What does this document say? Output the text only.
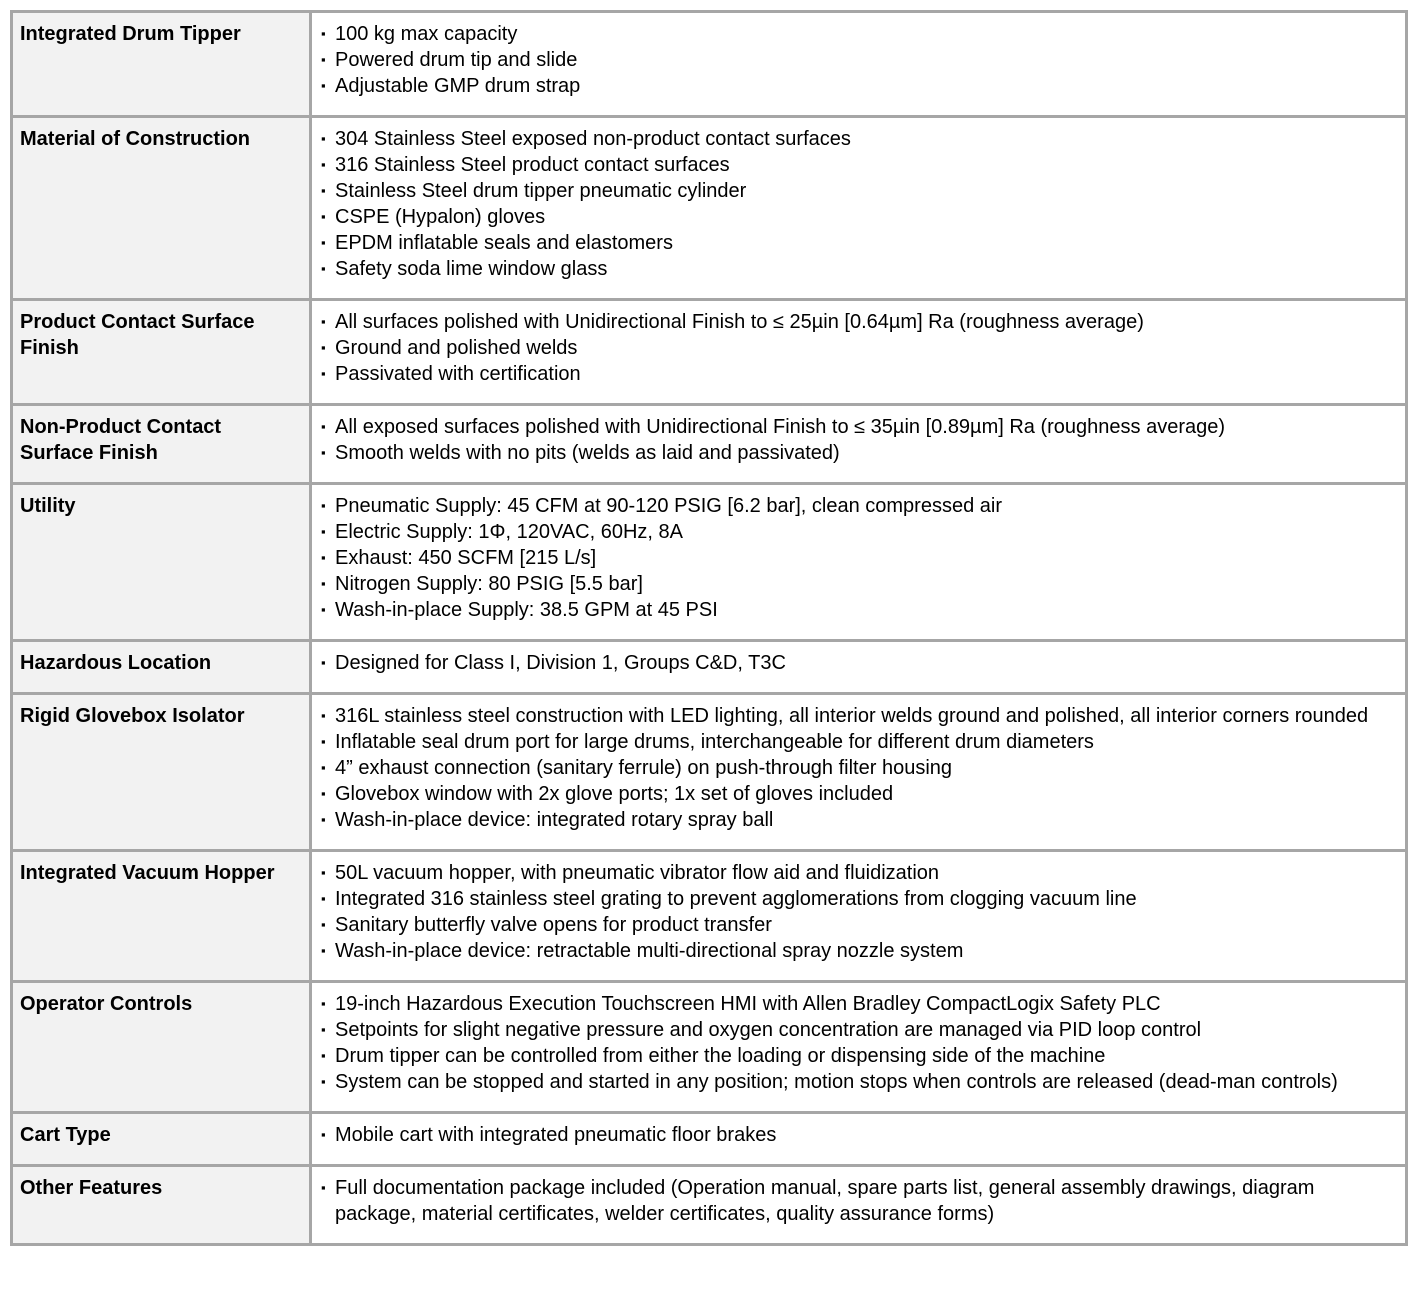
Integrated Drum Tipper	▪ 100 kg max capacity
▪ Powered drum tip and slide
▪ Adjustable GMP drum strap

Material of Construction	▪ 304 Stainless Steel exposed non-product contact surfaces
▪ 316 Stainless Steel product contact surfaces
▪ Stainless Steel drum tipper pneumatic cylinder
▪ CSPE (Hypalon) gloves
▪ EPDM inflatable seals and elastomers
▪ Safety soda lime window glass

Product Contact Surface Finish	
▪ All surfaces polished with Unidirectional Finish to ≤ 25µin [0.64µm] Ra (roughness average)
▪ Ground and polished welds
▪ Passivated with certification

Non-Product Contact Surface Finish	▪ All exposed surfaces polished with Unidirectional Finish to ≤ 35µin [0.89µm] Ra (roughness average)
▪ Smooth welds with no pits (welds as laid and passivated)

Utility	▪ Pneumatic Supply: 45 CFM at 90-120 PSIG [6.2 bar], clean compressed air
▪ Electric Supply: 1Φ, 120VAC, 60Hz, 8A
▪ Exhaust: 450 SCFM [215 L/s]
▪ Nitrogen Supply: 80 PSIG [5.5 bar]
▪ Wash-in-place Supply: 38.5 GPM at 45 PSI

Hazardous Location	▪ Designed for Class I, Division 1, Groups C&D, T3C

Rigid Glovebox Isolator	▪ 316L stainless steel construction with LED lighting, all interior welds ground and polished, all interior corners rounded
▪ Inflatable seal drum port for large drums, interchangeable for different drum diameters
▪ 4” exhaust connection (sanitary ferrule) on push-through filter housing
▪ Glovebox window with 2x glove ports; 1x set of gloves included
▪ Wash-in-place device: integrated rotary spray ball

Integrated Vacuum Hopper	▪ 50L vacuum hopper, with pneumatic vibrator flow aid and fluidization
▪ Integrated 316 stainless steel grating to prevent agglomerations from clogging vacuum line
▪ Sanitary butterfly valve opens for product transfer
▪ Wash-in-place device: retractable multi-directional spray nozzle system

Operator Controls	▪ 19-inch Hazardous Execution Touchscreen HMI with Allen Bradley CompactLogix Safety PLC
▪ Setpoints for slight negative pressure and oxygen concentration are managed via PID loop control
▪ Drum tipper can be controlled from either the loading or dispensing side of the machine
▪ System can be stopped and started in any position; motion stops when controls are released (dead-man controls)

Cart Type	▪ Mobile cart with integrated pneumatic floor brakes

Other Features	▪ Full documentation package included (Operation manual, spare parts list, general assembly drawings, diagram package, material certificates, welder certificates, quality assurance forms)
